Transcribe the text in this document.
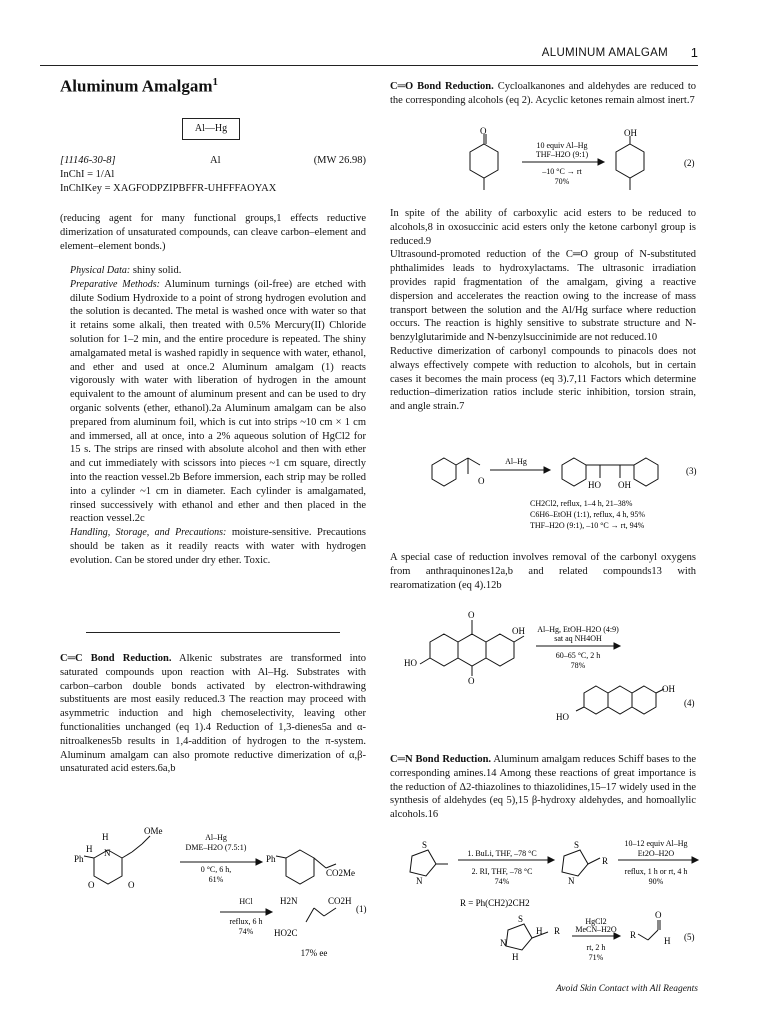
ALUMINUM AMALGAM 1
Aluminum Amalgam$^1$
Al—Hg
[11146-30-8]	Al	(MW 26.98)
InChI = 1/Al
InChIKey = XAGFODPZIPBFFR-UHFFFAOYAX

(reducing agent for many functional groups,1 effects reductive dimerization of unsaturated compounds, can cleave carbon–element and element–element bonds.)

Physical Data: shiny solid.

Preparative Methods: Aluminum turnings (oil-free) are etched with dilute Sodium Hydroxide to a point of strong hydrogen evolution and the solution is decanted. The metal is washed once with water so that it retains some alkali, then treated with 0.5% Mercury(II) Chloride solution for 1–2 min, and the entire procedure is repeated. The shiny amalgamated metal is washed rapidly in sequence with water, ethanol, and ether and used at once.2 Aluminum amalgam (1) reacts vigorously with water with liberation of hydrogen in the amount equivalent to the amount of aluminum present and can be used to dry organic solvents (ether, ethanol).2a Aluminum amalgam can be also prepared from aluminum foil, which is cut into strips ~10 cm × 1 cm and immersed, all at once, into a 2% aqueous solution of HgCl2 for 15 s. The strips are rinsed with absolute alcohol and then with ether and cut immediately with scissors into pieces ~1 cm square, directly into the reaction vessel.2b Before immersion, each strip may be rolled into a cylinder ~1 cm in diameter. Each cylinder is amalgamated, rinsed successively with ethanol and ether and then placed in the reaction vessel.2c

Handling, Storage, and Precautions: moisture-sensitive. Precautions should be taken as it readily reacts with water with hydrogen evolution. Can be stored under dry ether. Toxic.

C═C Bond Reduction. Alkenic substrates are transformed into saturated compounds upon reaction with Al–Hg. Substrates with carbon–carbon double bonds activated by electron-withdrawing substituents are most easily reduced.3 The reaction may proceed with asymmetric induction and high chemoselectivity, leaving other functionalities unchanged (eq 1).4 Reduction of 1,3-dienes5a and α-nitroalkenes5b results in 1,4-addition of hydrogen to the π-system. Aluminum amalgam can also promote reductive dimerization of α,β-unsaturated acid esters.6a,b

C═O Bond Reduction. Cycloalkanones and aldehydes are reduced to the corresponding alcohols (eq 2). Acyclic ketones remain almost inert.7

O	OH
10 equiv Al–Hg
THF–H2O (9:1)
–10 °C → rt
70%
(2)

In spite of the ability of carboxylic acid esters to be reduced to alcohols,8 in oxosuccinic acid esters only the ketone carbonyl group is reduced.9

Ultrasound-promoted reduction of the C═O group of N-substituted phthalimides leads to hydroxylactams. The ultrasonic irradiation provides rapid fragmentation of the amalgam, giving a reactive dispersion and accelerates the reaction owing to the increase of mass transport between the solution and the Al/Hg surface where reduction occurs. The reaction is highly sensitive to substrate structure and N-benzylglutarimide and N-benzylsuccinimide are not reduced.10

Reductive dimerization of carbonyl compounds to pinacols does not always effectively compete with reduction to alcohols, but in certain cases it becomes the main process (eq 3).7,11 Factors which determine reduction–dimerization ratios include steric inhibition, torsion strain, and angle strain.7

O
Al–Hg
HO OH
(3)
CH2Cl2, reflux, 1–4 h, 21–38%
C6H6–EtOH (1:1), reflux, 4 h, 95%
THF–H2O (9:1), –10 °C → rt, 94%

A special case of reduction involves removal of the carbonyl oxygens from anthraquinones12a,b and related compounds13 with rearomatization (eq 4).12b

O
O
OH
HO
Al–Hg, EtOH–H2O (4:9)
sat aq NH4OH
60–65 °C, 2 h
78%
OH
HO
(4)

C═N Bond Reduction. Aluminum amalgam reduces Schiff bases to the corresponding amines.14 Among these reactions of great importance is the reduction of Δ2-thiazolines to thiazolidines,15–17 widely used in the synthesis of aldehydes (eq 5),15 β-hydroxy aldehydes, and homoallylic alcohols.16

H
N
H
Ph
OMe
O	O
Al–Hg
DME–H2O (7.5:1)
0 °C, 6 h,
61%
Ph
CO2Me
HCl
reflux, 6 h
74%
H2N	CO2H
HO2C
(1)
17% ee
S
N
1. BuLi, THF, –78 °C
2. RI, THF, –78 °C
74%
S
N
R
10–12 equiv Al–Hg
Et2O–H2O
reflux, 1 h or rt, 4 h
90%
R = Ph(CH2)2CH2
S
N
H
H R
HgCl2
MeCN–H2O
rt, 2 h
71%
R
O
H (5)
Avoid Skin Contact with All Reagents
